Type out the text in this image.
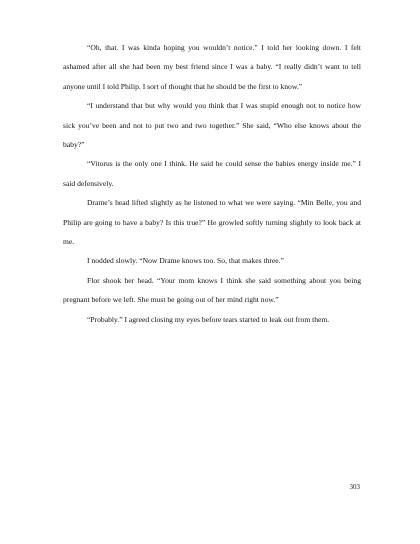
“Oh, that. I was kinda hoping you wouldn’t notice.” I told her looking down. I felt ashamed after all she had been my best friend since I was a baby. “I really didn’t want to tell anyone until I told Philip. I sort of thought that he should be the first to know.”

“I understand that but why would you think that I was stupid enough not to notice how sick you’ve been and not to put two and two together.” She said, “Who else knows about the baby?”

“Vitorus is the only one I think. He said he could sense the babies energy inside me.” I said defensively.

Drame’s head lifted slightly as he listened to what we were saying. “Min Belle, you and Philip are going to have a baby? Is this true?” He growled softly turning slightly to look back at me.

I nodded slowly. “Now Drame knows too. So, that makes three.”

Flor shook her head. “Your mom knows I think she said something about you being pregnant before we left. She must be going out of her mind right now.”

“Probably.” I agreed closing my eyes before tears started to leak out from them.

303
